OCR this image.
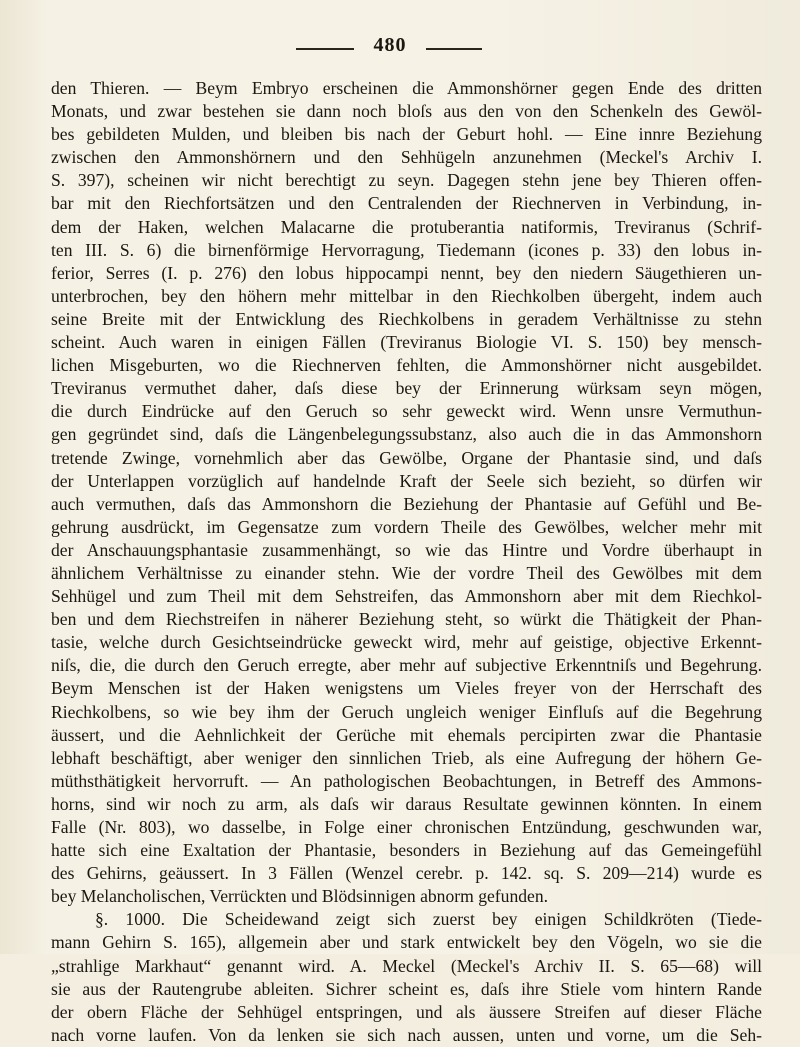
480
den Thieren. — Beym Embryo erscheinen die Ammonshörner gegen Ende des dritten
Monats, und zwar bestehen sie dann noch bloſs aus den von den Schenkeln des Gewöl-
bes gebildeten Mulden, und bleiben bis nach der Geburt hohl. — Eine innre Beziehung
zwischen den Ammonshörnern und den Sehhügeln anzunehmen (Meckel's Archiv I.
S. 397), scheinen wir nicht berechtigt zu seyn. Dagegen stehn jene bey Thieren offen-
bar mit den Riechfortsätzen und den Centralenden der Riechnerven in Verbindung, in-
dem der Haken, welchen Malacarne die protuberantia natiformis, Treviranus (Schrif-
ten III. S. 6) die birnenförmige Hervorragung, Tiedemann (icones p. 33) den lobus in-
ferior, Serres (I. p. 276) den lobus hippocampi nennt, bey den niedern Säugethieren un-
unterbrochen, bey den höhern mehr mittelbar in den Riechkolben übergeht, indem auch
seine Breite mit der Entwicklung des Riechkolbens in geradem Verhältnisse zu stehn
scheint. Auch waren in einigen Fällen (Treviranus Biologie VI. S. 150) bey mensch-
lichen Misgeburten, wo die Riechnerven fehlten, die Ammonshörner nicht ausgebildet.
Treviranus vermuthet daher, daſs diese bey der Erinnerung würksam seyn mögen,
die durch Eindrücke auf den Geruch so sehr geweckt wird. Wenn unsre Vermuthun-
gen gegründet sind, daſs die Längenbelegungssubstanz, also auch die in das Ammonshorn
tretende Zwinge, vornehmlich aber das Gewölbe, Organe der Phantasie sind, und daſs
der Unterlappen vorzüglich auf handelnde Kraft der Seele sich bezieht, so dürfen wir
auch vermuthen, daſs das Ammonshorn die Beziehung der Phantasie auf Gefühl und Be-
gehrung ausdrückt, im Gegensatze zum vordern Theile des Gewölbes, welcher mehr mit
der Anschauungsphantasie zusammenhängt, so wie das Hintre und Vordre überhaupt in
ähnlichem Verhältnisse zu einander stehn. Wie der vordre Theil des Gewölbes mit dem
Sehhügel und zum Theil mit dem Sehstreifen, das Ammonshorn aber mit dem Riechkol-
ben und dem Riechstreifen in näherer Beziehung steht, so würkt die Thätigkeit der Phan-
tasie, welche durch Gesichtseindrücke geweckt wird, mehr auf geistige, objective Erkennt-
niſs, die, die durch den Geruch erregte, aber mehr auf subjective Erkenntniſs und Begehrung.
Beym Menschen ist der Haken wenigstens um Vieles freyer von der Herrschaft des
Riechkolbens, so wie bey ihm der Geruch ungleich weniger Einfluſs auf die Begehrung
äussert, und die Aehnlichkeit der Gerüche mit ehemals percipirten zwar die Phantasie
lebhaft beschäftigt, aber weniger den sinnlichen Trieb, als eine Aufregung der höhern Ge-
müthsthätigkeit hervorruft. — An pathologischen Beobachtungen, in Betreff des Ammons-
horns, sind wir noch zu arm, als daſs wir daraus Resultate gewinnen könnten. In einem
Falle (Nr. 803), wo dasselbe, in Folge einer chronischen Entzündung, geschwunden war,
hatte sich eine Exaltation der Phantasie, besonders in Beziehung auf das Gemeingefühl
des Gehirns, geäussert. In 3 Fällen (Wenzel cerebr. p. 142. sq. S. 209—214) wurde es
bey Melancholischen, Verrückten und Blödsinnigen abnorm gefunden.
§. 1000. Die Scheidewand zeigt sich zuerst bey einigen Schildkröten (Tiede-
mann Gehirn S. 165), allgemein aber und stark entwickelt bey den Vögeln, wo sie die
„strahlige Markhaut“ genannt wird. A. Meckel (Meckel's Archiv II. S. 65—68) will
sie aus der Rautengrube ableiten. Sichrer scheint es, daſs ihre Stiele vom hintern Rande
der obern Fläche der Sehhügel entspringen, und als äussere Streifen auf dieser Fläche
nach vorne laufen. Von da lenken sie sich nach aussen, unten und vorne, um die Seh-
